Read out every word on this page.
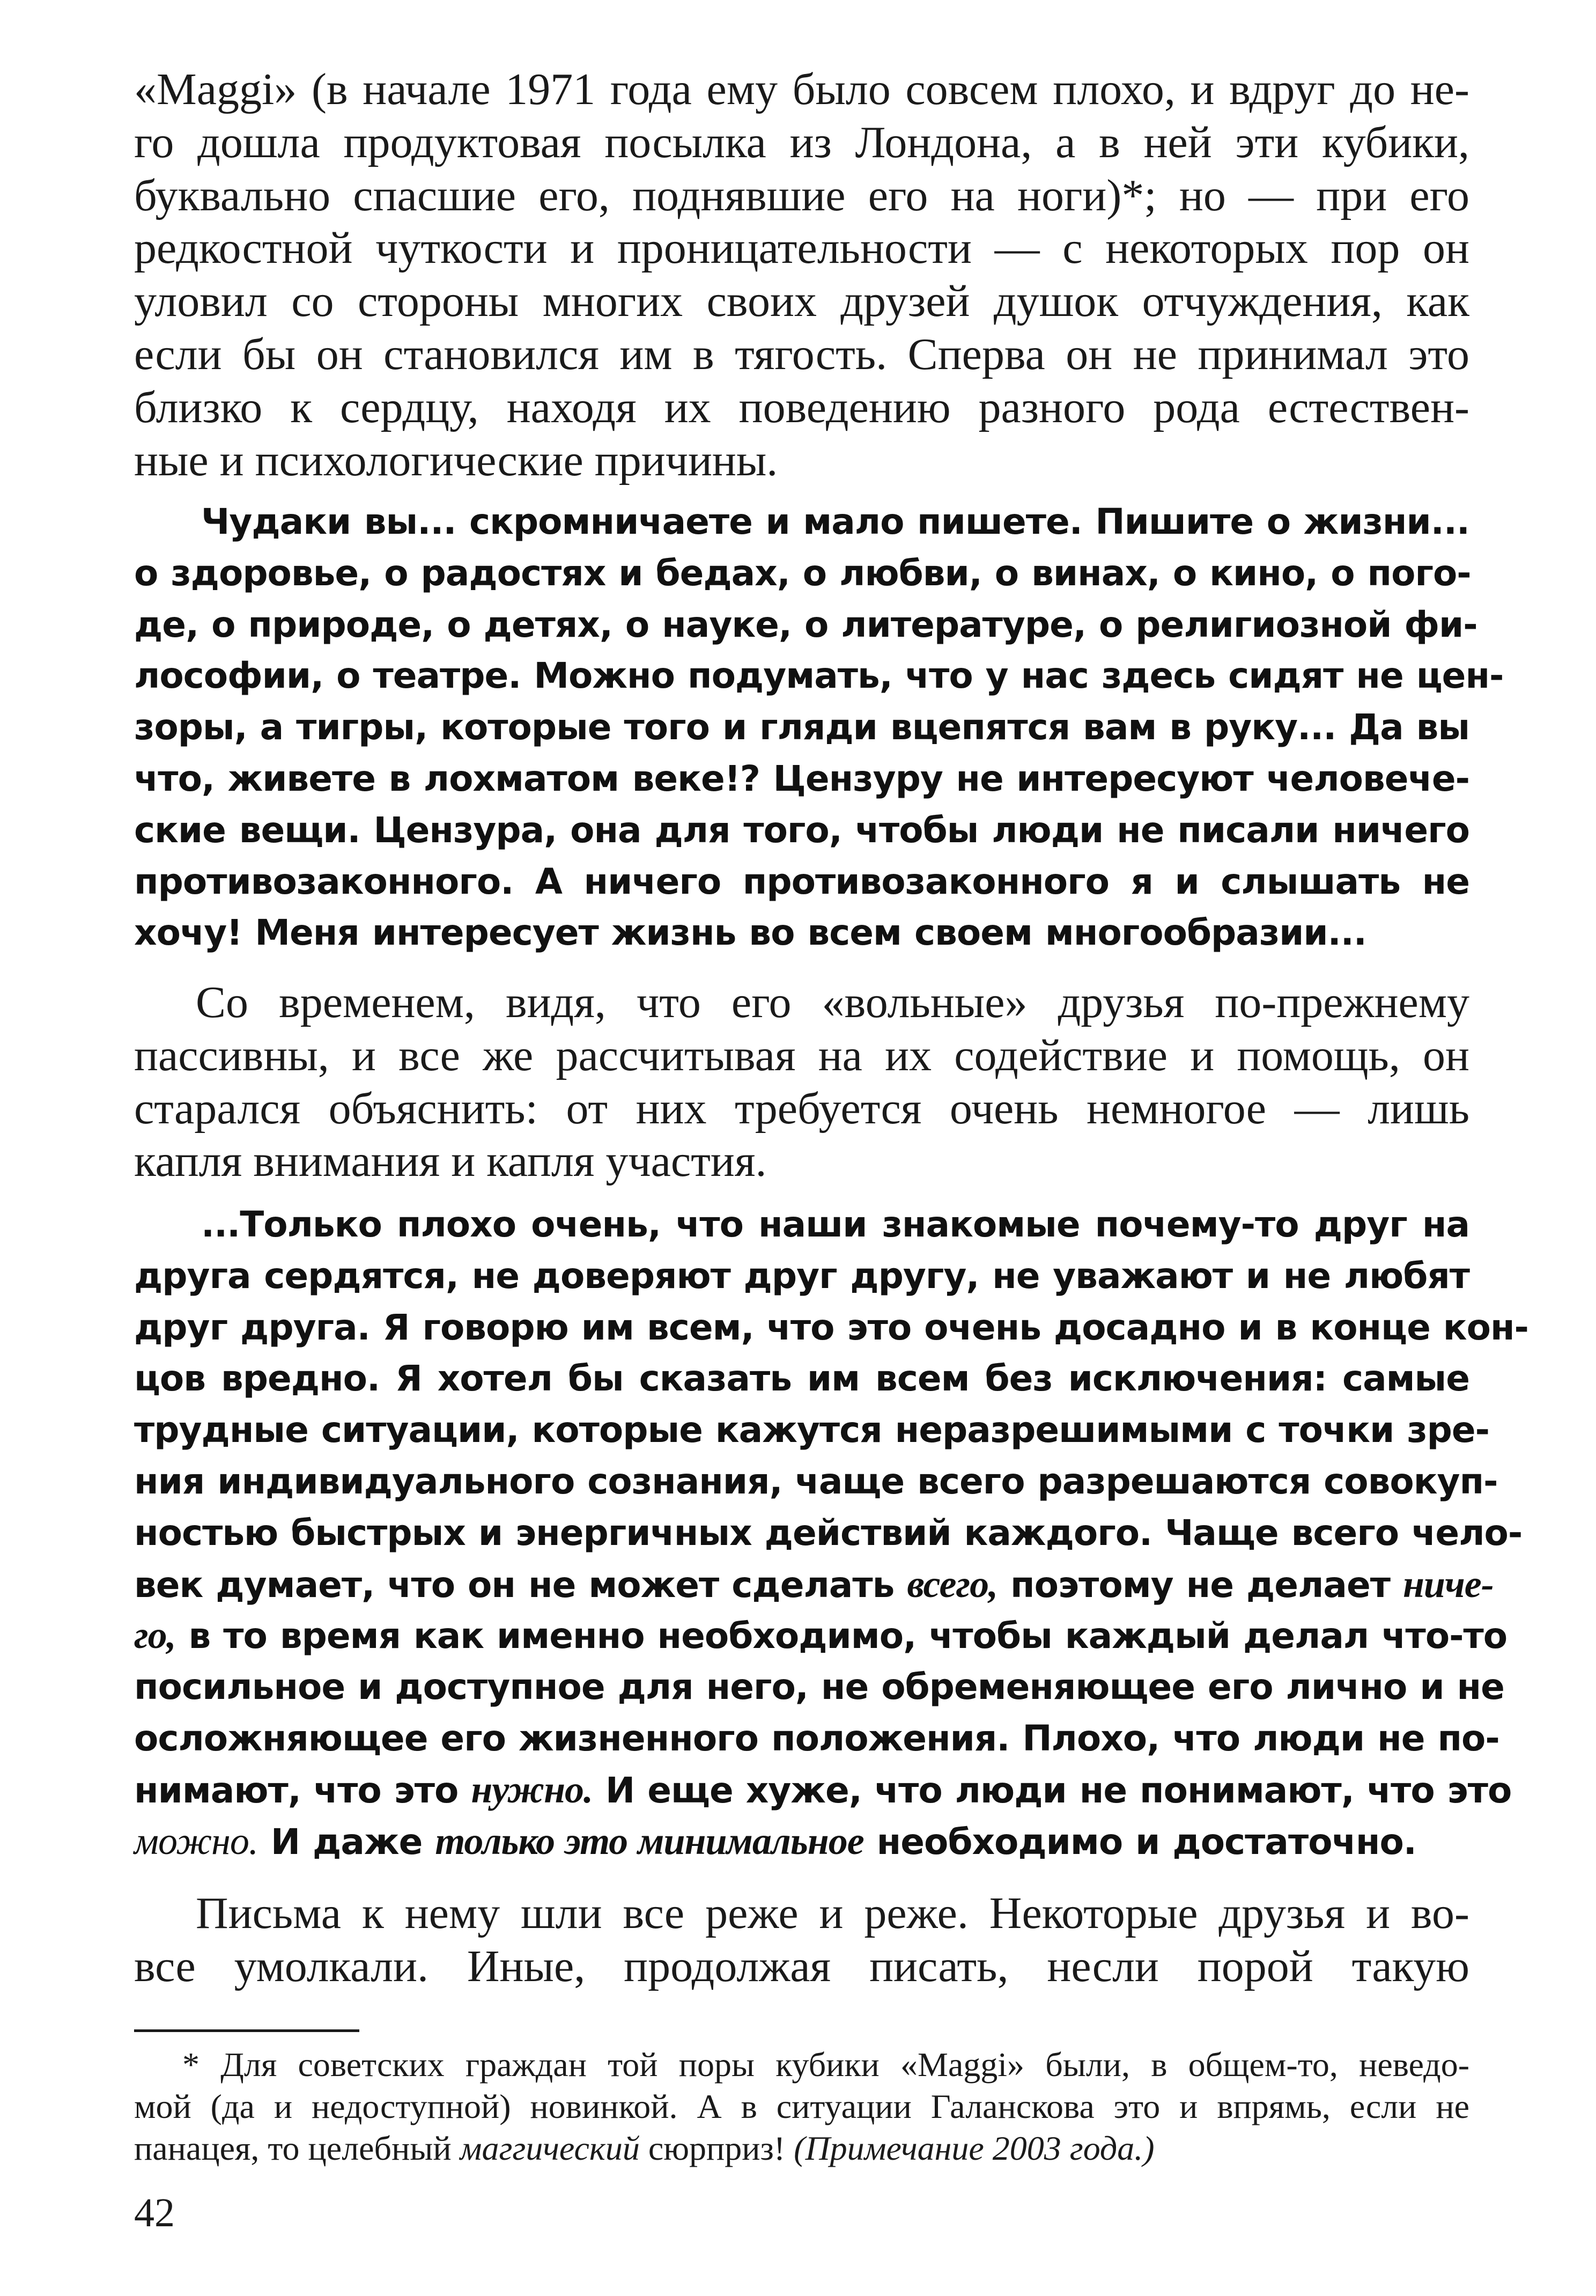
«Maggi» (в начале 1971 года ему было совсем плохо, и вдруг до не-
го дошла продуктовая посылка из Лондона, а в ней эти кубики,
буквально спасшие его, поднявшие его на ноги)*; но — при его
редкостной чуткости и проницательности — с некоторых пор он
уловил со стороны многих своих друзей душок отчуждения, как
если бы он становился им в тягость. Сперва он не принимал это
близко к сердцу, находя их поведению разного рода естествен-
ные и психологические причины.
Чудаки вы... скромничаете и мало пишете. Пишите о жизни...
о здоровье, о радостях и бедах, о любви, о винах, о кино, о пого-
де, о природе, о детях, о науке, о литературе, о религиозной фи-
лософии, о театре. Можно подумать, что у нас здесь сидят не цен-
зоры, а тигры, которые того и гляди вцепятся вам в руку... Да вы
что, живете в лохматом веке!? Цензуру не интересуют человече-
ские вещи. Цензура, она для того, чтобы люди не писали ничего
противозаконного. А ничего противозаконного я и слышать не
хочу! Меня интересует жизнь во всем своем многообразии...
Со временем, видя, что его «вольные» друзья по-прежнему
пассивны, и все же рассчитывая на их содействие и помощь, он
старался объяснить: от них требуется очень немногое — лишь
капля внимания и капля участия.
...Только плохо очень, что наши знакомые почему-то друг на
друга сердятся, не доверяют друг другу, не уважают и не любят
друг друга. Я говорю им всем, что это очень досадно и в конце кон-
цов вредно. Я хотел бы сказать им всем без исключения: самые
трудные ситуации, которые кажутся неразрешимыми с точки зре-
ния индивидуального сознания, чаще всего разрешаются совокуп-
ностью быстрых и энергичных действий каждого. Чаще всего чело-
век думает, что он не может сделать всего, поэтому не делает ниче-
го, в то время как именно необходимо, чтобы каждый делал что-то
посильное и доступное для него, не обременяющее его лично и не
осложняющее его жизненного положения. Плохо, что люди не по-
нимают, что это нужно. И еще хуже, что люди не понимают, что это
можно. И даже только это минимальное необходимо и достаточно.
Письма к нему шли все реже и реже. Некоторые друзья и во-
все умолкали. Иные, продолжая писать, несли порой такую
* Для советских граждан той поры кубики «Maggi» были, в общем-то, неведо-
мой (да и недоступной) новинкой. А в ситуации Галанскова это и впрямь, если не
панацея, то целебный маггический сюрприз! (Примечание 2003 года.)
42
